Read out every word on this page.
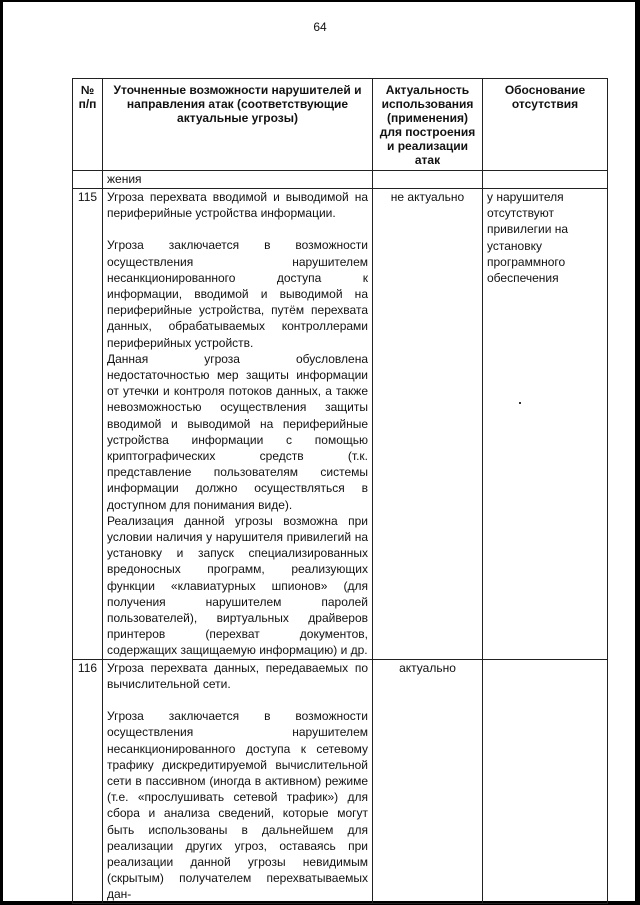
64
№ п/п	Уточненные возможности нарушителей и направления атак (соответствующие актуальные угрозы)	Актуальность использования (применения) для построения и реализации атак	Обоснование отсутствия
	жения		
115	Угроза перехвата вводимой и выводимой на периферийные устройства информации.

Угроза заключается в возможности осуществления нарушителем несанкционированного доступа к информации, вводимой и выводимой на периферийные устройства, путём перехвата данных, обрабатываемых контроллерами периферийных устройств.

Данная угроза обусловлена недостаточностью мер защиты информации от утечки и контроля потоков данных, а также невозможностью осуществления защиты вводимой и выводимой на периферийные устройства информации с помощью криптографических средств (т.к. представление пользователям системы информации должно осуществляться в доступном для понимания виде).

Реализация данной угрозы возможна при условии наличия у нарушителя привилегий на установку и запуск специализированных вредоносных программ, реализующих функции «клавиатурных шпионов» (для получения нарушителем паролей пользователей), виртуальных драйверов принтеров (перехват документов, содержащих защищаемую информацию) и др.	не актуально	у нарушителя отсутствуют привилегии на установку программного обеспечения
116	Угроза перехвата данных, передаваемых по вычислительной сети.

Угроза заключается в возможности осуществления нарушителем несанкционированного доступа к сетевому трафику дискредитируемой вычислительной сети в пассивном (иногда в активном) режиме (т.е. «прослушивать сетевой трафик») для сбора и анализа сведений, которые могут быть использованы в дальнейшем для реализации других угроз, оставаясь при реализации данной угрозы невидимым (скрытым) получателем перехватываемых дан-	актуально	
